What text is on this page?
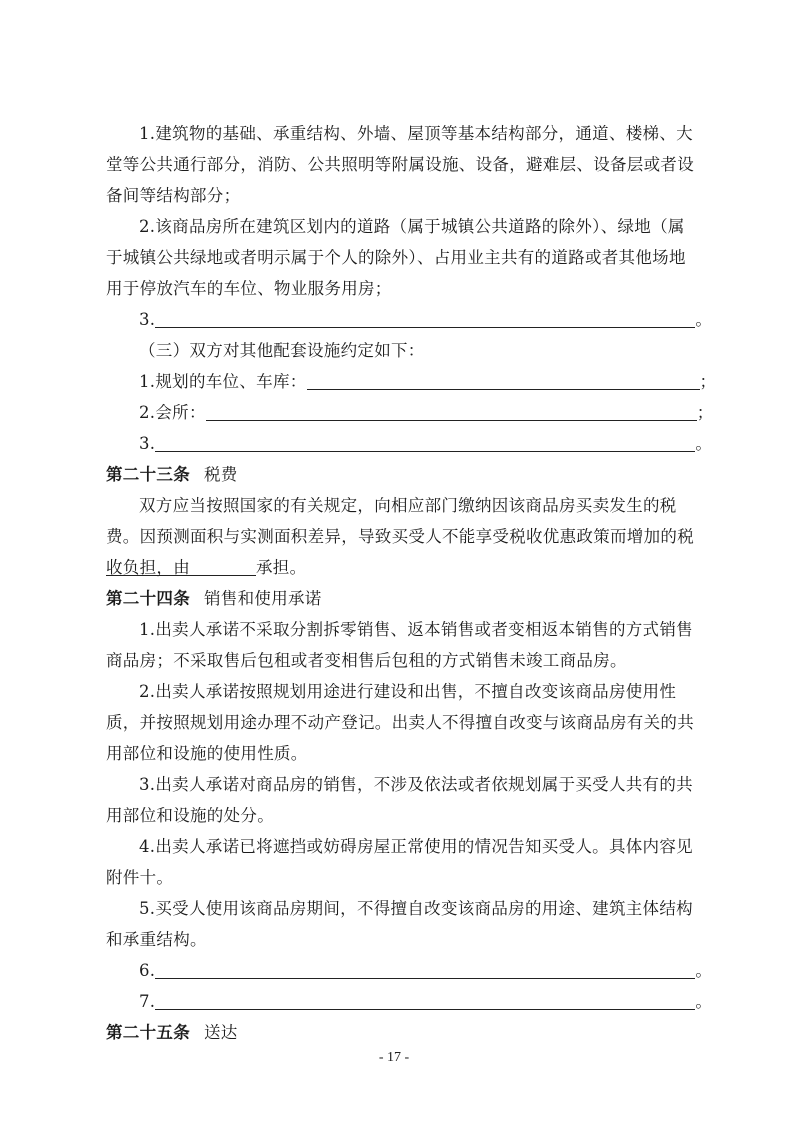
1.建筑物的基础、承重结构、外墙、屋顶等基本结构部分，通道、楼梯、大堂等公共通行部分，消防、公共照明等附属设施、设备，避难层、设备层或者设备间等结构部分；

2.该商品房所在建筑区划内的道路（属于城镇公共道路的除外）、绿地（属于城镇公共绿地或者明示属于个人的除外）、占用业主共有的道路或者其他场地用于停放汽车的车位、物业服务用房；

3.	。
（三）双方对其他配套设施约定如下：
1.规划的车位、车库：	；
2.会所：	；
3.	。
第二十三条 税费

双方应当按照国家的有关规定，向相应部门缴纳因该商品房买卖发生的税费。因预测面积与实测面积差异，导致买受人不能享受税收优惠政策而增加的税收负担，由	承担。
第二十四条 销售和使用承诺

1.出卖人承诺不采取分割拆零销售、返本销售或者变相返本销售的方式销售商品房；不采取售后包租或者变相售后包租的方式销售未竣工商品房。

2.出卖人承诺按照规划用途进行建设和出售，不擅自改变该商品房使用性质，并按照规划用途办理不动产登记。出卖人不得擅自改变与该商品房有关的共用部位和设施的使用性质。

3.出卖人承诺对商品房的销售，不涉及依法或者依规划属于买受人共有的共用部位和设施的处分。

4.出卖人承诺已将遮挡或妨碍房屋正常使用的情况告知买受人。具体内容见附件十。

5.买受人使用该商品房期间，不得擅自改变该商品房的用途、建筑主体结构和承重结构。

6.	。
7.	。
第二十五条 送达
- 17 -
